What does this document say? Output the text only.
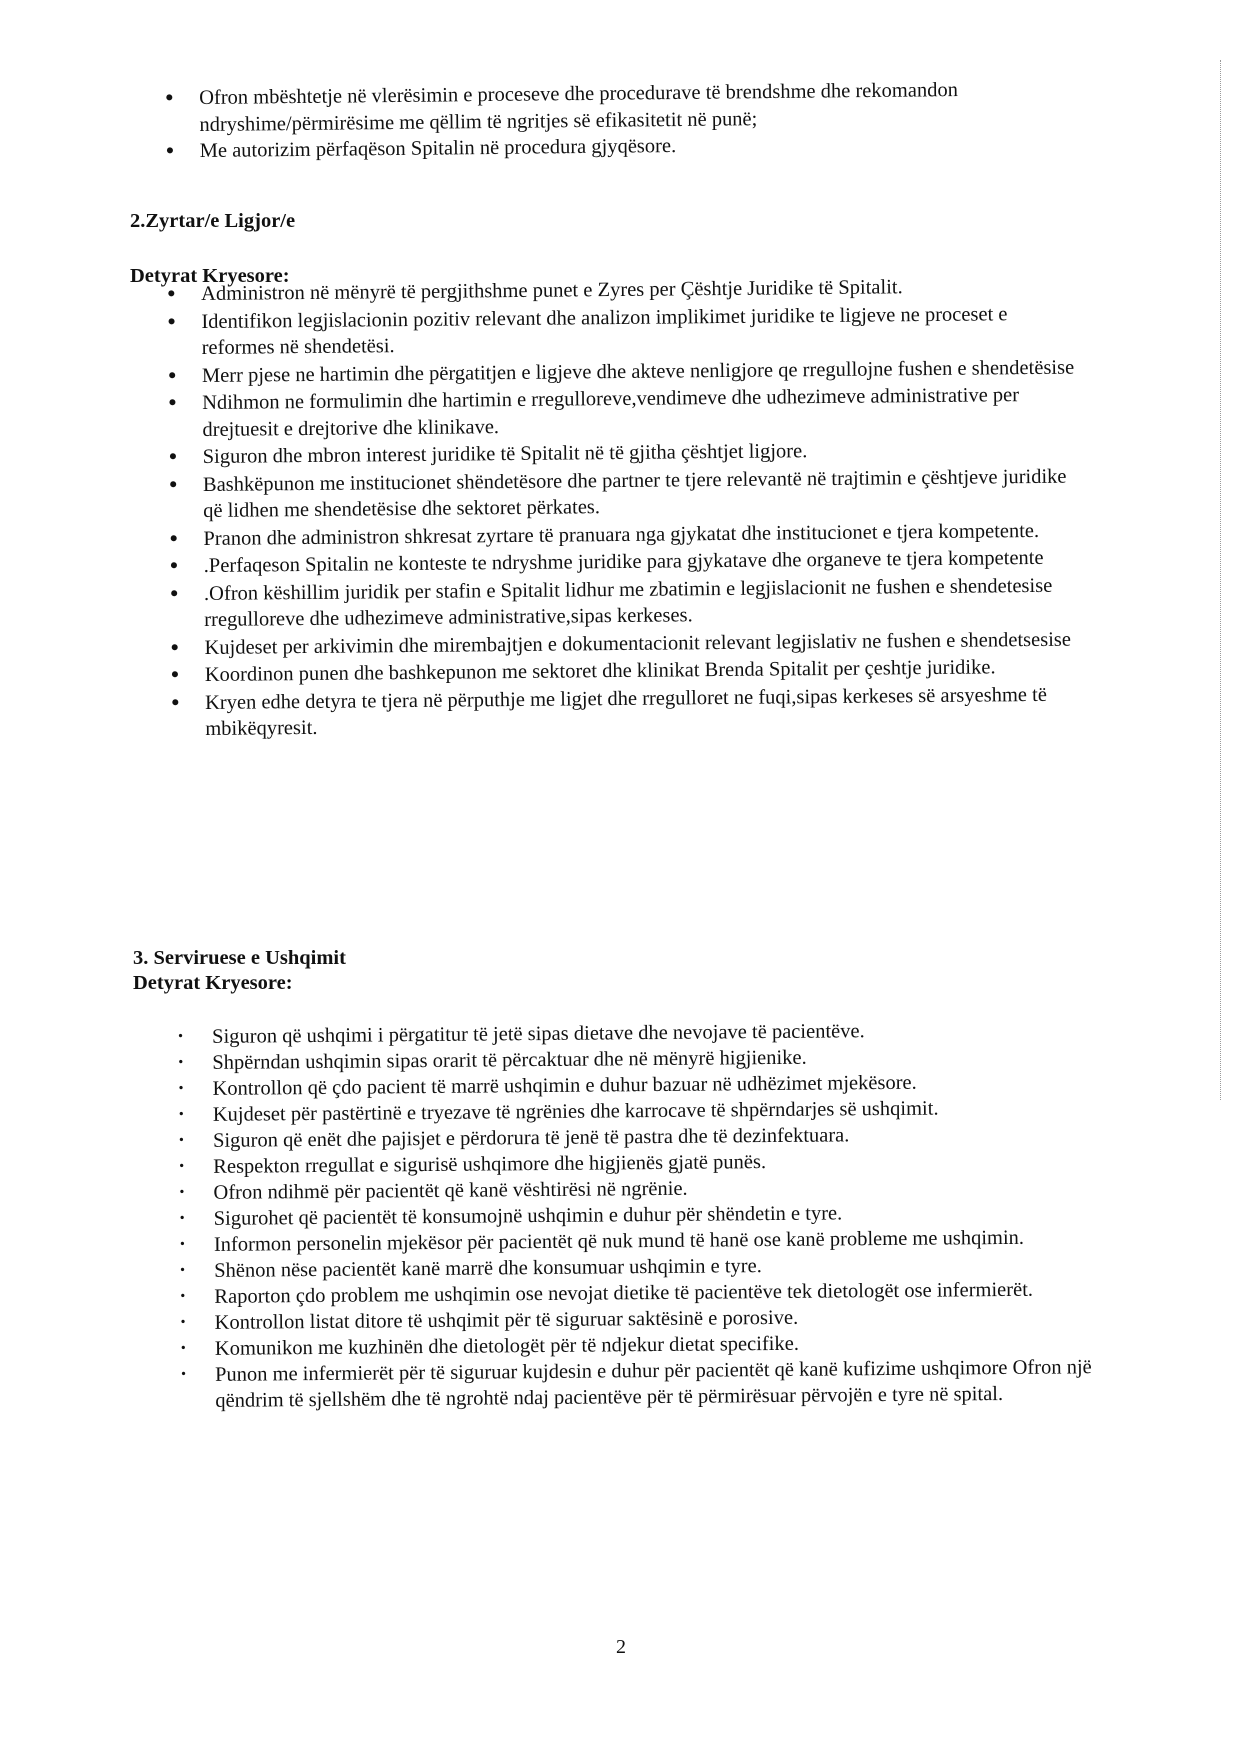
● Ofron mbështetje në vlerësimin e proceseve dhe procedurave të brendshme dhe rekomandon ndryshime/përmirësime me qëllim të ngritjes së efikasitetit në punë;
● Me autorizim përfaqëson Spitalin në procedura gjyqësore.
2.Zyrtar/e Ligjor/e
Detyrat Kryesore:
● Administron në mënyrë të pergjithshme punet e Zyres per Çështje Juridike të Spitalit.
● Identifikon legjislacionin pozitiv relevant dhe analizon implikimet juridike te ligjeve ne proceset e reformes në shendetësi.
● Merr pjese ne hartimin dhe përgatitjen e ligjeve dhe akteve nenligjore qe rregullojne fushen e shendetësise
● Ndihmon ne formulimin dhe hartimin e rregulloreve,vendimeve dhe udhezimeve administrative per drejtuesit e drejtorive dhe klinikave.
● Siguron dhe mbron interest juridike të Spitalit në të gjitha çështjet ligjore.
● Bashkëpunon me institucionet shëndetësore dhe partner te tjere relevantë në trajtimin e çështjeve juridike që lidhen me shendetësise dhe sektoret përkates.
● Pranon dhe administron shkresat zyrtare të pranuara nga gjykatat dhe institucionet e tjera kompetente.
● .Perfaqeson Spitalin ne konteste te ndryshme juridike para gjykatave dhe organeve te tjera kompetente
● .Ofron këshillim juridik per stafin e Spitalit lidhur me zbatimin e legjislacionit ne fushen e shendetesise rregulloreve dhe udhezimeve administrative,sipas kerkeses.
● Kujdeset per arkivimin dhe mirembajtjen e dokumentacionit relevant legjislativ ne fushen e shendetsesise
● Koordinon punen dhe bashkepunon me sektoret dhe klinikat Brenda Spitalit per çeshtje juridike.
● Kryen edhe detyra te tjera në përputhje me ligjet dhe rregulloret ne fuqi,sipas kerkeses së arsyeshme të mbikëqyresit.
3. Serviruese e Ushqimit
Detyrat Kryesore:
• Siguron që ushqimi i përgatitur të jetë sipas dietave dhe nevojave të pacientëve.
• Shpërndan ushqimin sipas orarit të përcaktuar dhe në mënyrë higjienike.
• Kontrollon që çdo pacient të marrë ushqimin e duhur bazuar në udhëzimet mjekësore.
• Kujdeset për pastërtinë e tryezave të ngrënies dhe karrocave të shpërndarjes së ushqimit.
• Siguron që enët dhe pajisjet e përdorura të jenë të pastra dhe të dezinfektuara.
• Respekton rregullat e sigurisë ushqimore dhe higjienës gjatë punës.
• Ofron ndihmë për pacientët që kanë vështirësi në ngrënie.
• Sigurohet që pacientët të konsumojnë ushqimin e duhur për shëndetin e tyre.
• Informon personelin mjekësor për pacientët që nuk mund të hanë ose kanë probleme me ushqimin.
• Shënon nëse pacientët kanë marrë dhe konsumuar ushqimin e tyre.
• Raporton çdo problem me ushqimin ose nevojat dietike të pacientëve tek dietologët ose infermierët.
• Kontrollon listat ditore të ushqimit për të siguruar saktësinë e porosive.
• Komunikon me kuzhinën dhe dietologët për të ndjekur dietat specifike.
• Punon me infermierët për të siguruar kujdesin e duhur për pacientët që kanë kufizime ushqimore Ofron një qëndrim të sjellshëm dhe të ngrohtë ndaj pacientëve për të përmirësuar përvojën e tyre në spital.
2
